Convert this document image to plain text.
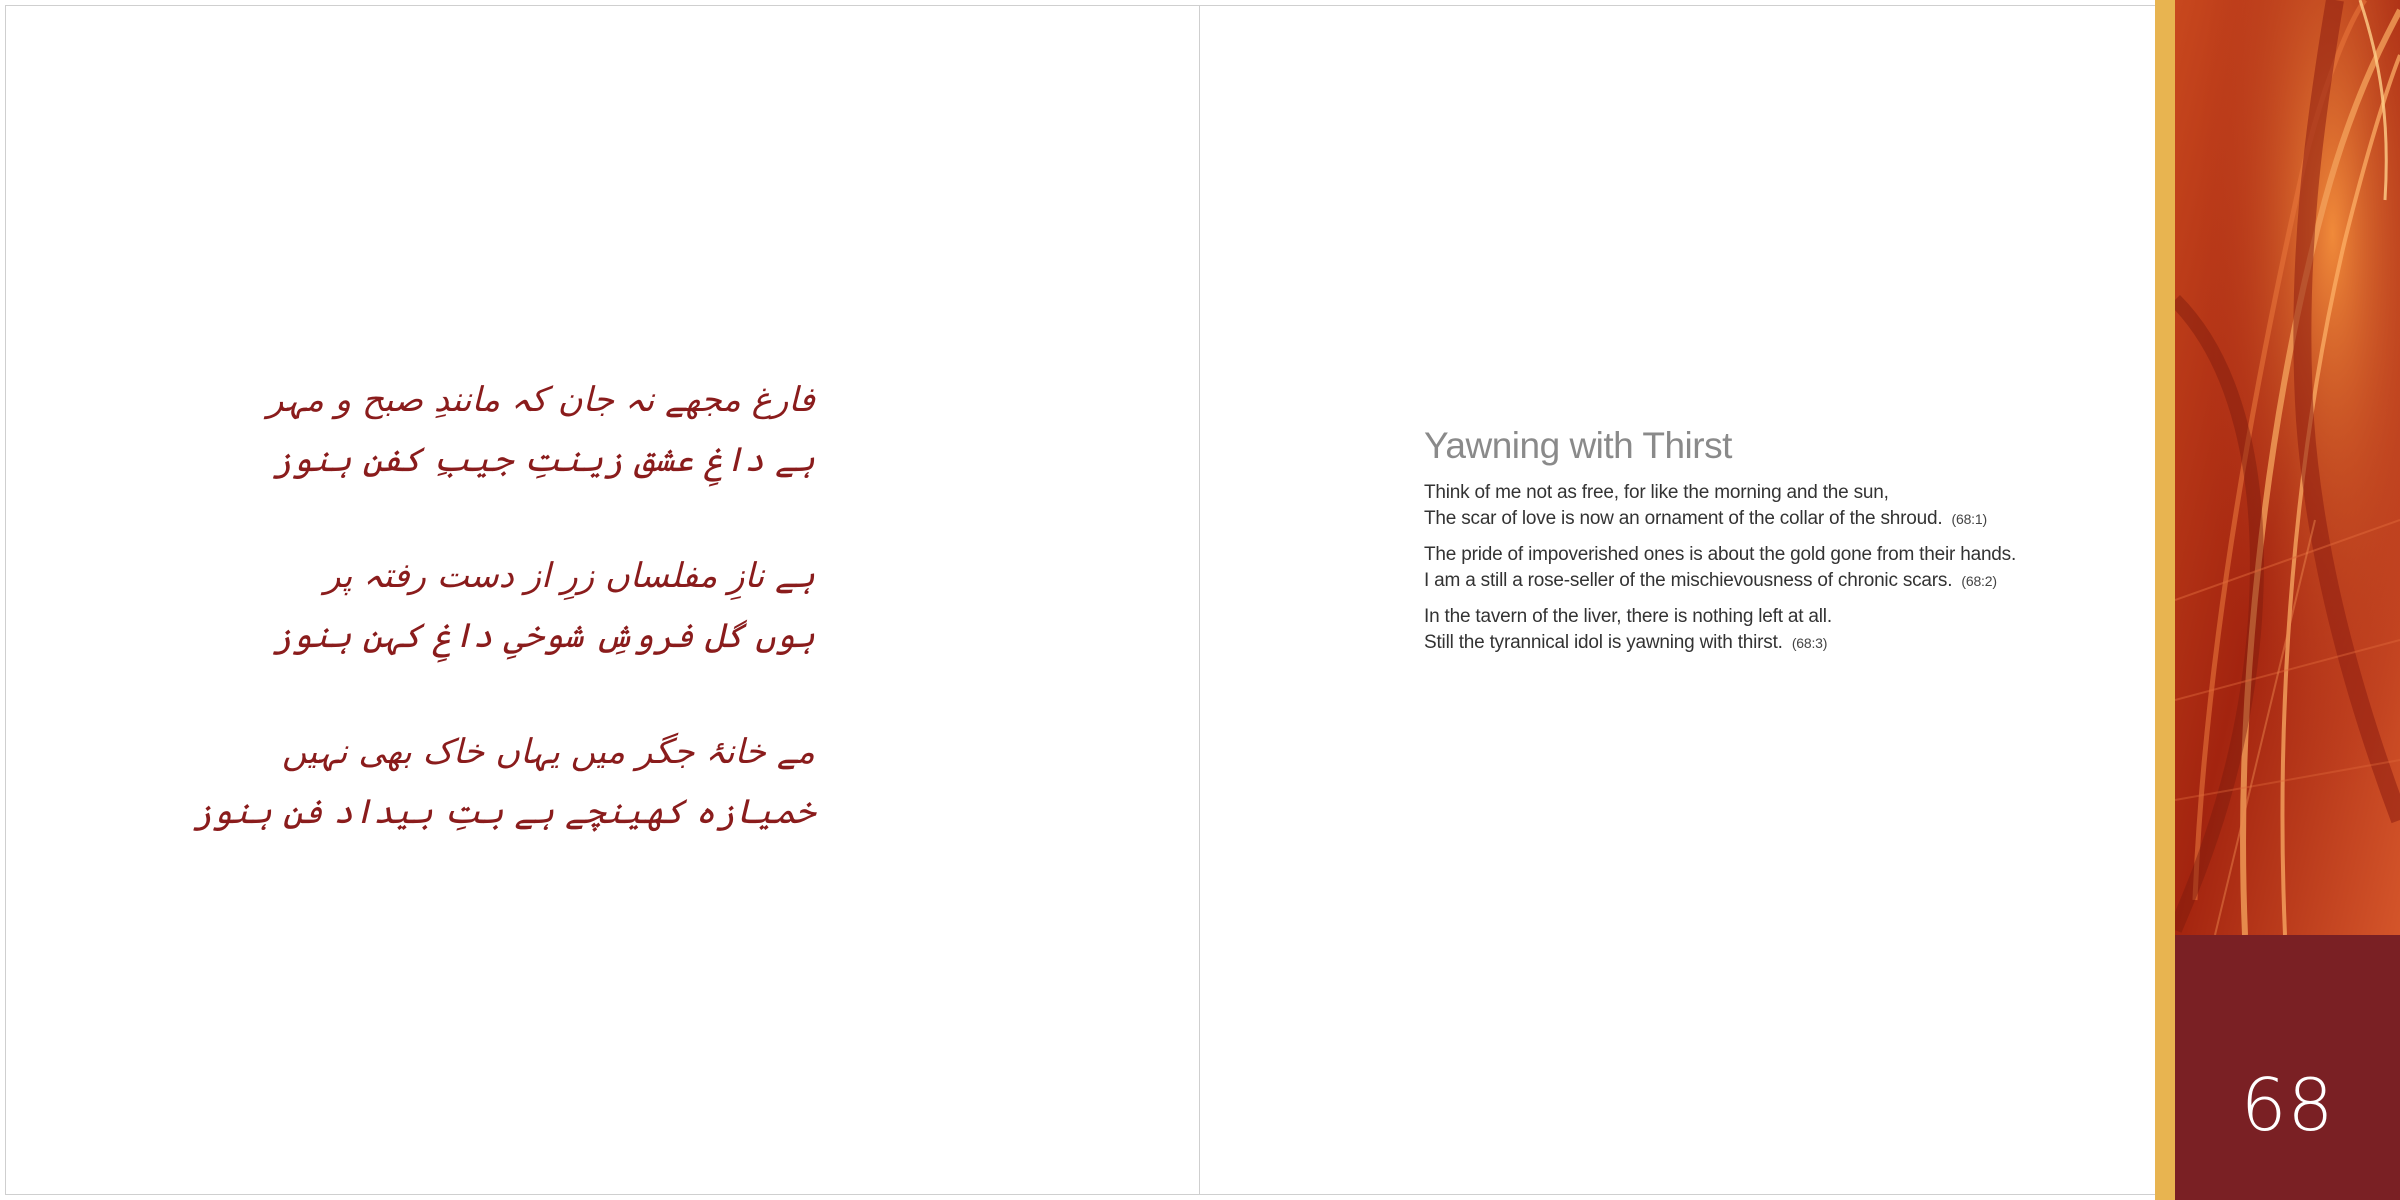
فارغ مجھے نہ جان کہ مانندِ صبح و مہر
ہے داغِ عشق زینتِ جیبِ کفن ہنوز
ہے نازِ مفلساں زرِ از دست رفتہ پر
ہوں گل فروشِ شوخیِ داغِ کہن ہنوز
مے خانۂ جگر میں یہاں خاک بھی نہیں
خمیازہ کھینچے ہے بتِ بیداد فن ہنوز
Yawning with Thirst
Think of me not as free, for like the morning and the sun,
The scar of love is now an ornament of the collar of the shroud. (68:1)
The pride of impoverished ones is about the gold gone from their hands.
I am a still a rose-seller of the mischievousness of chronic scars. (68:2)
In the tavern of the liver, there is nothing left at all.
Still the tyrannical idol is yawning with thirst. (68:3)
68
